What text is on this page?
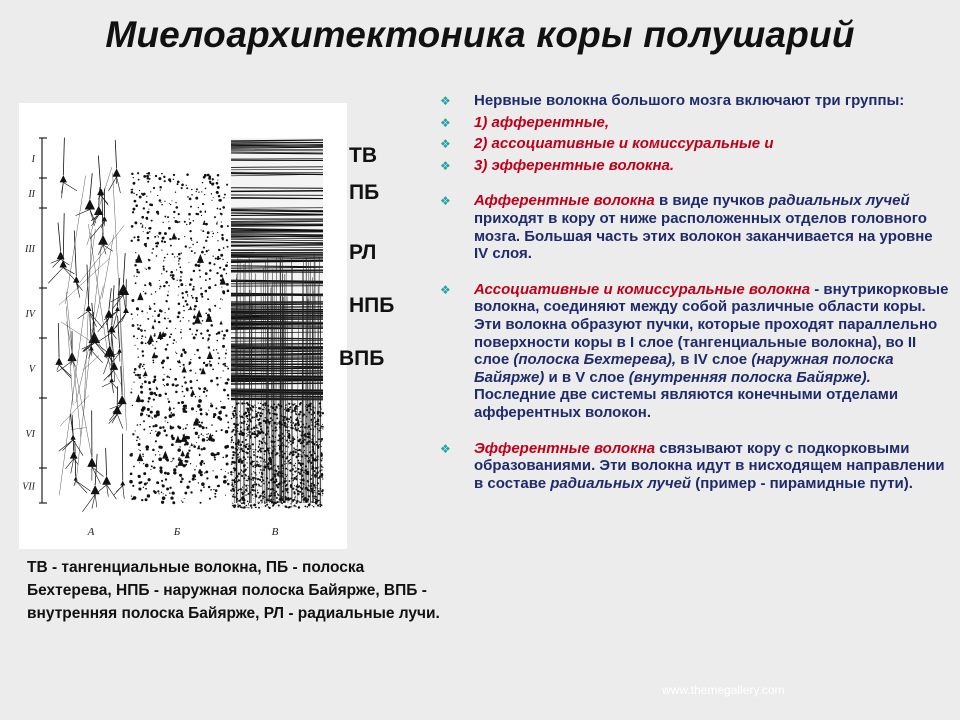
Миелоархитектоника коры полушарий
I
II
III
IV
V
VI
VII
A	Б	B
ТВ
ПБ
РЛ
НПБ
ВПБ
ТВ - тангенциальные волокна, ПБ - полоска Бехтерева, НПБ - наружная полоска Байярже, ВПБ - внутренняя полоска Байярже, РЛ - радиальные лучи.

❖ Нервные волокна большого мозга включают три группы:

❖ 1) афферентные,

❖ 2) ассоциативные и комиссуральные и

❖ 3) эфферентные волокна.

❖ Афферентные волокна в виде пучков радиальных лучей приходят в кору от ниже расположенных отделов головного мозга. Большая часть этих волокон заканчивается на уровне IV слоя.

❖ Ассоциативные и комиссуральные волокна - внутрикорковые волокна, соединяют между собой различные области коры. Эти волокна образуют пучки, которые проходят параллельно поверхности коры в I слое (тангенциальные волокна), во II слое (полоска Бехтерева), в IV слое (наружная полоска Байярже) и в V слое (внутренняя полоска Байярже). Последние две системы являются конечными отделами афферентных волокон.

❖ Эфферентные волокна связывают кору с подкорковыми образованиями. Эти волокна идут в нисходящем направлении в составе радиальных лучей (пример - пирамидные пути).

www.themegallery.com
